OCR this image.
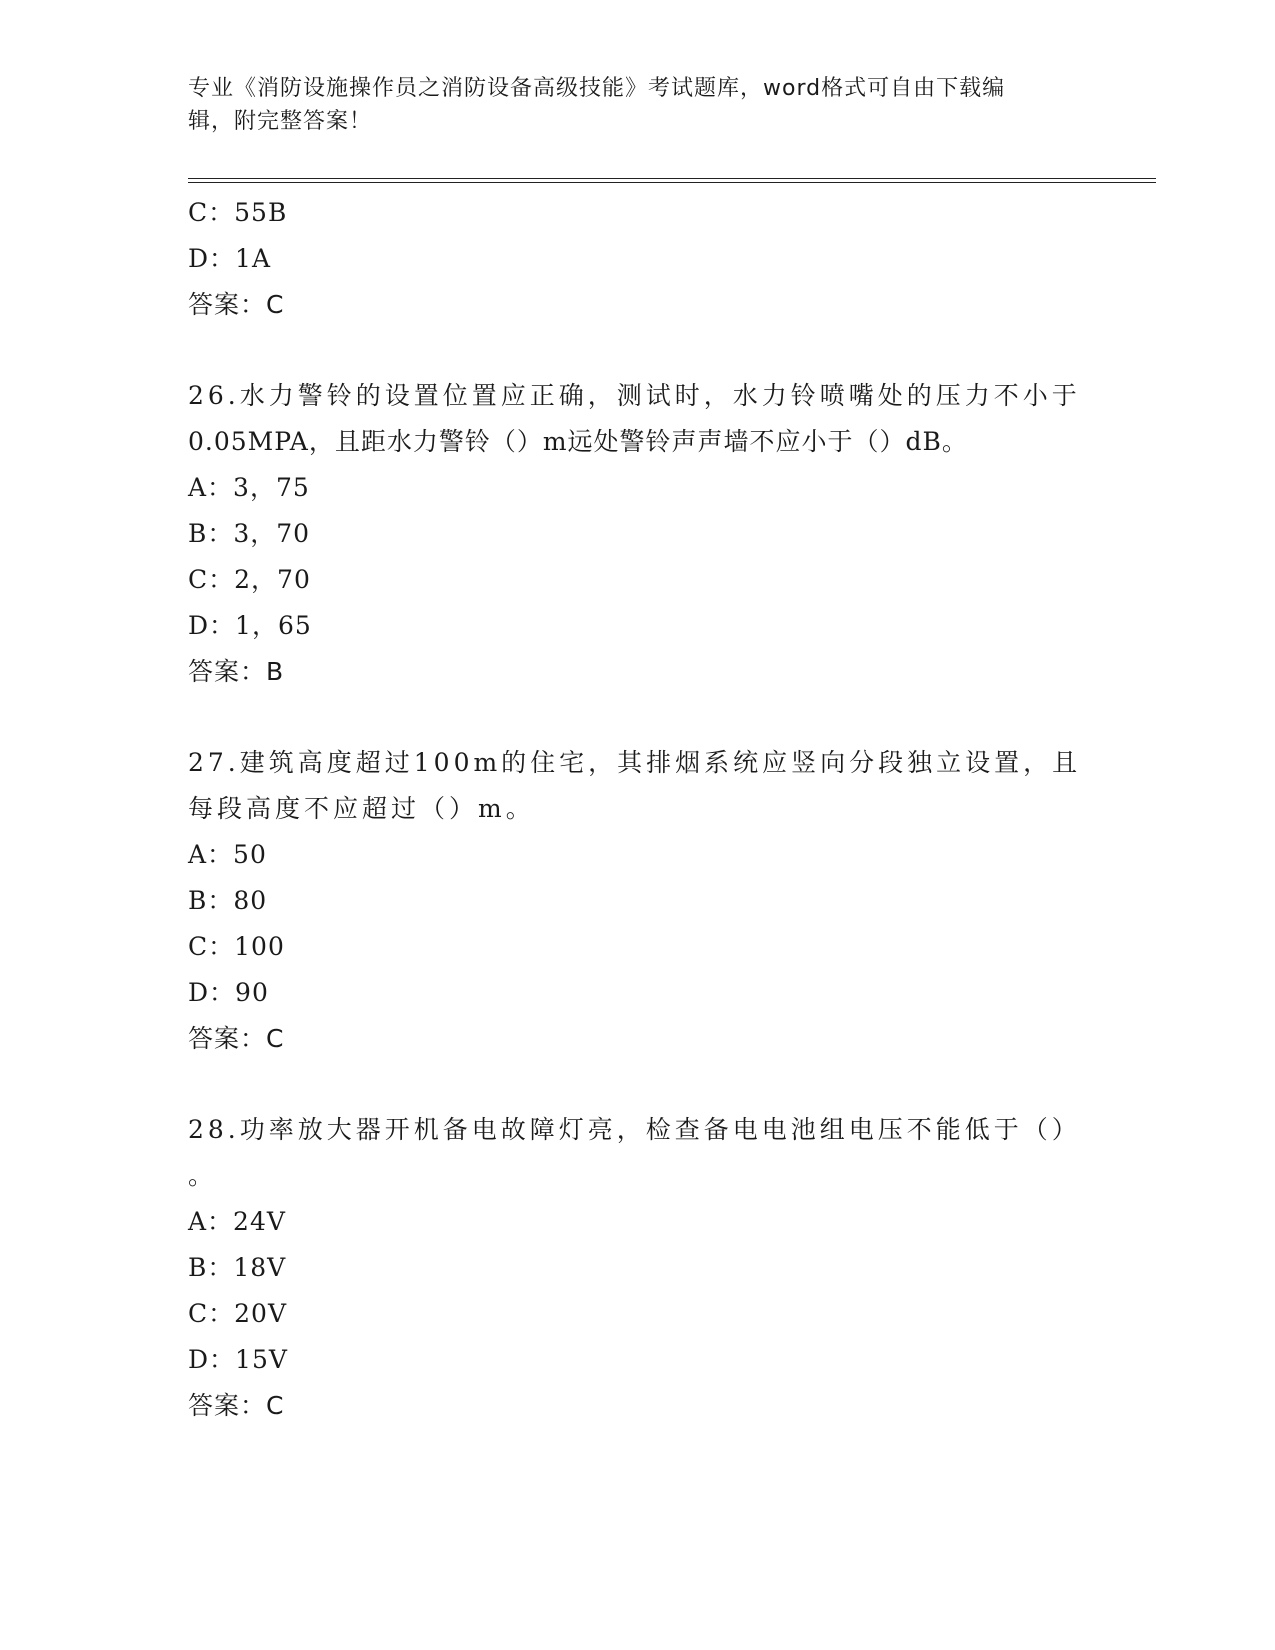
专业《消防设施操作员之消防设备高级技能》考试题库，word格式可自由下载编
辑，附完整答案！
C：55B
D：1A
答案：C
26.水力警铃的设置位置应正确，测试时，水力铃喷嘴处的压力不小于
0.05MPA，且距水力警铃（）m远处警铃声声墙不应小于（）dB。
A：3，75
B：3，70
C：2，70
D：1，65
答案：B
27.建筑高度超过100m的住宅，其排烟系统应竖向分段独立设置，且
每段高度不应超过（）m。
A：50
B：80
C：100
D：90
答案：C
28.功率放大器开机备电故障灯亮，检查备电电池组电压不能低于（）
。
A：24V
B：18V
C：20V
D：15V
答案：C
